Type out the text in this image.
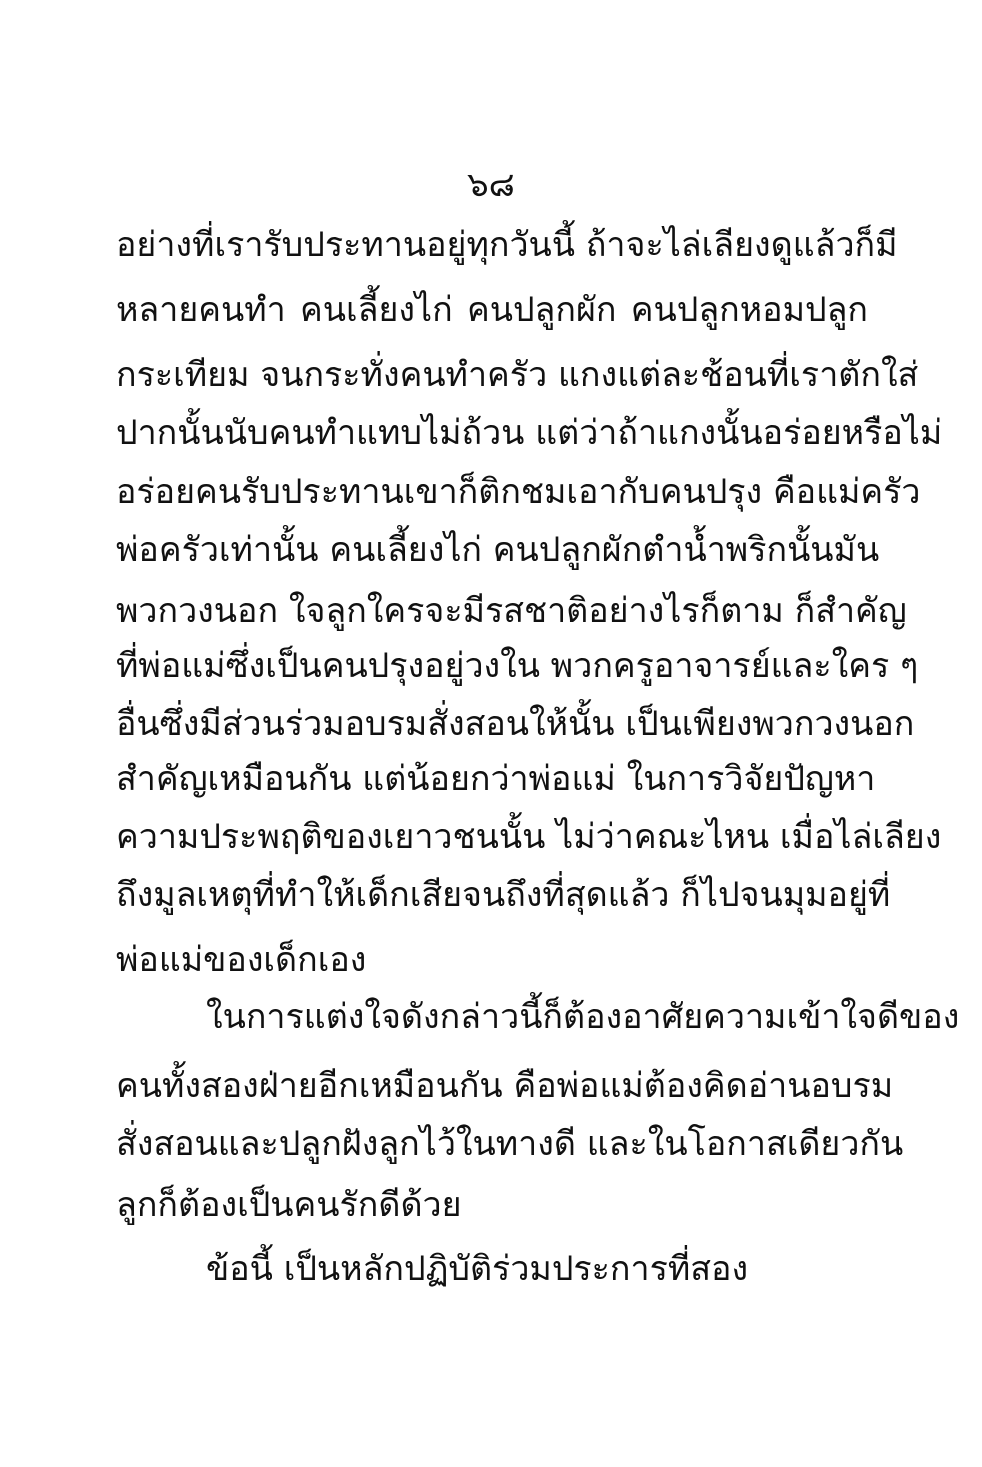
๖๘

อย่างที่เรารับประทานอยู่ทุกวันนี้ ถ้าจะไล่เลียงดูแล้วก็มี

หลายคนทำ คนเลี้ยงไก่ คนปลูกผัก คนปลูกหอมปลูก

กระเทียม จนกระทั่งคนทำครัว แกงแต่ละช้อนที่เราตักใส่

ปากนั้นนับคนทำแทบไม่ถ้วน แต่ว่าถ้าแกงนั้นอร่อยหรือไม่

อร่อยคนรับประทานเขาก็ติกชมเอากับคนปรุง คือแม่ครัว

พ่อครัวเท่านั้น คนเลี้ยงไก่ คนปลูกผักตำน้ำพริกนั้นมัน

พวกวงนอก ใจลูกใครจะมีรสชาติอย่างไรก็ตาม ก็สำคัญ

ที่พ่อแม่ซึ่งเป็นคนปรุงอยู่วงใน พวกครูอาจารย์และใคร ๆ

อื่นซึ่งมีส่วนร่วมอบรมสั่งสอนให้นั้น เป็นเพียงพวกวงนอก

สำคัญเหมือนกัน แต่น้อยกว่าพ่อแม่ ในการวิจัยปัญหา

ความประพฤติของเยาวชนนั้น ไม่ว่าคณะไหน เมื่อไล่เลียง

ถึงมูลเหตุที่ทำให้เด็กเสียจนถึงที่สุดแล้ว ก็ไปจนมุมอยู่ที่

พ่อแม่ของเด็กเอง

ในการแต่งใจดังกล่าวนี้ก็ต้องอาศัยความเข้าใจดีของ

คนทั้งสองฝ่ายอีกเหมือนกัน คือพ่อแม่ต้องคิดอ่านอบรม

สั่งสอนและปลูกฝังลูกไว้ในทางดี และในโอกาสเดียวกัน

ลูกก็ต้องเป็นคนรักดีด้วย

ข้อนี้ เป็นหลักปฏิบัติร่วมประการที่สอง
